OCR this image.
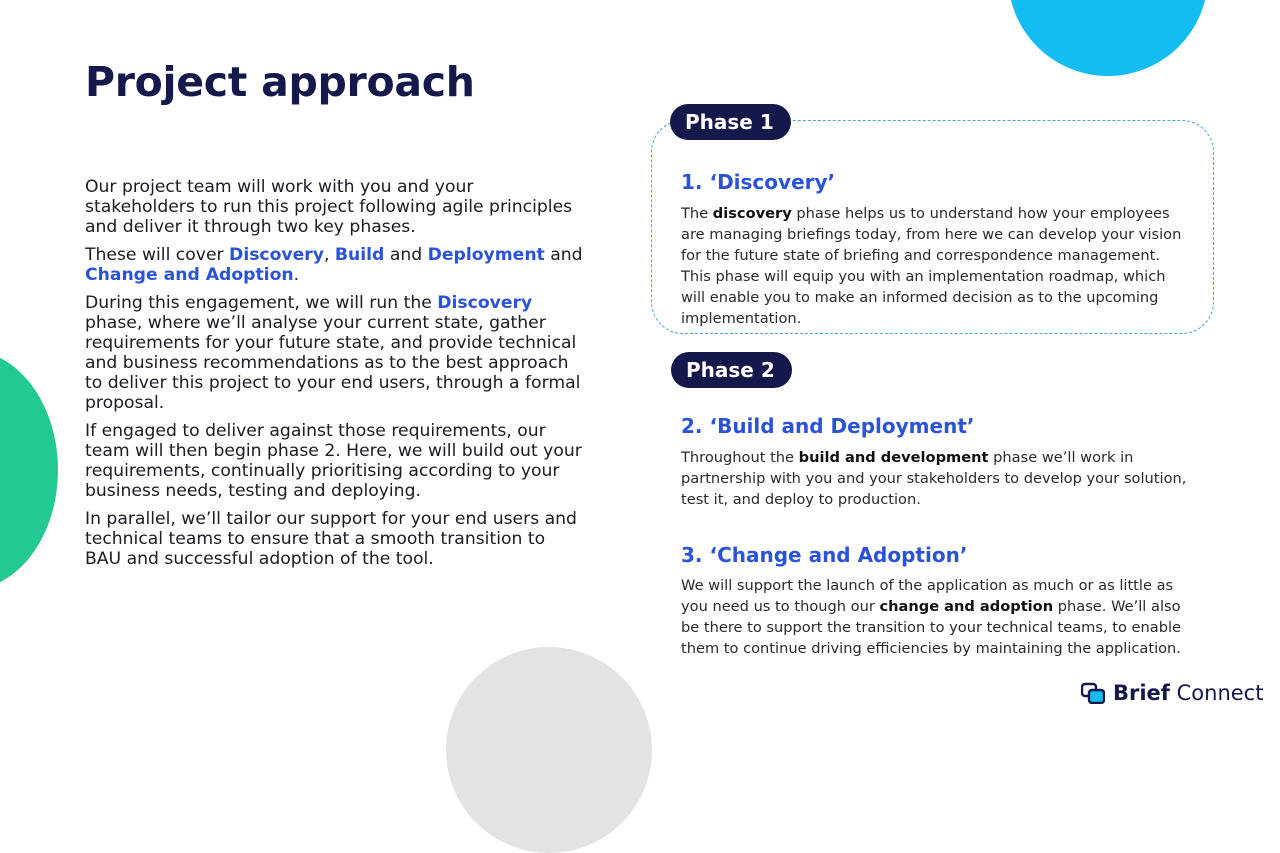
Project approach

Our project team will work with you and your stakeholders to run this project following agile principles and deliver it through two key phases.

These will cover Discovery, Build and Deployment and Change and Adoption.

During this engagement, we will run the Discovery phase, where we’ll analyse your current state, gather requirements for your future state, and provide technical and business recommendations as to the best approach to deliver this project to your end users, through a formal proposal.

If engaged to deliver against those requirements, our team will then begin phase 2. Here, we will build out your requirements, continually prioritising according to your business needs, testing and deploying.

In parallel, we’ll tailor our support for your end users and technical teams to ensure that a smooth transition to BAU and successful adoption of the tool.

Phase 1
1. ‘Discovery’

The discovery phase helps us to understand how your employees are managing briefings today, from here we can develop your vision for the future state of briefing and correspondence management. This phase will equip you with an implementation roadmap, which will enable you to make an informed decision as to the upcoming implementation.

Phase 2
2. ‘Build and Deployment’

Throughout the build and development phase we’ll work in partnership with you and your stakeholders to develop your solution, test it, and deploy to production.

3. ‘Change and Adoption’

We will support the launch of the application as much or as little as you need us to though our change and adoption phase. We’ll also be there to support the transition to your technical teams, to enable them to continue driving efficiencies by maintaining the application.

Brief Connect
